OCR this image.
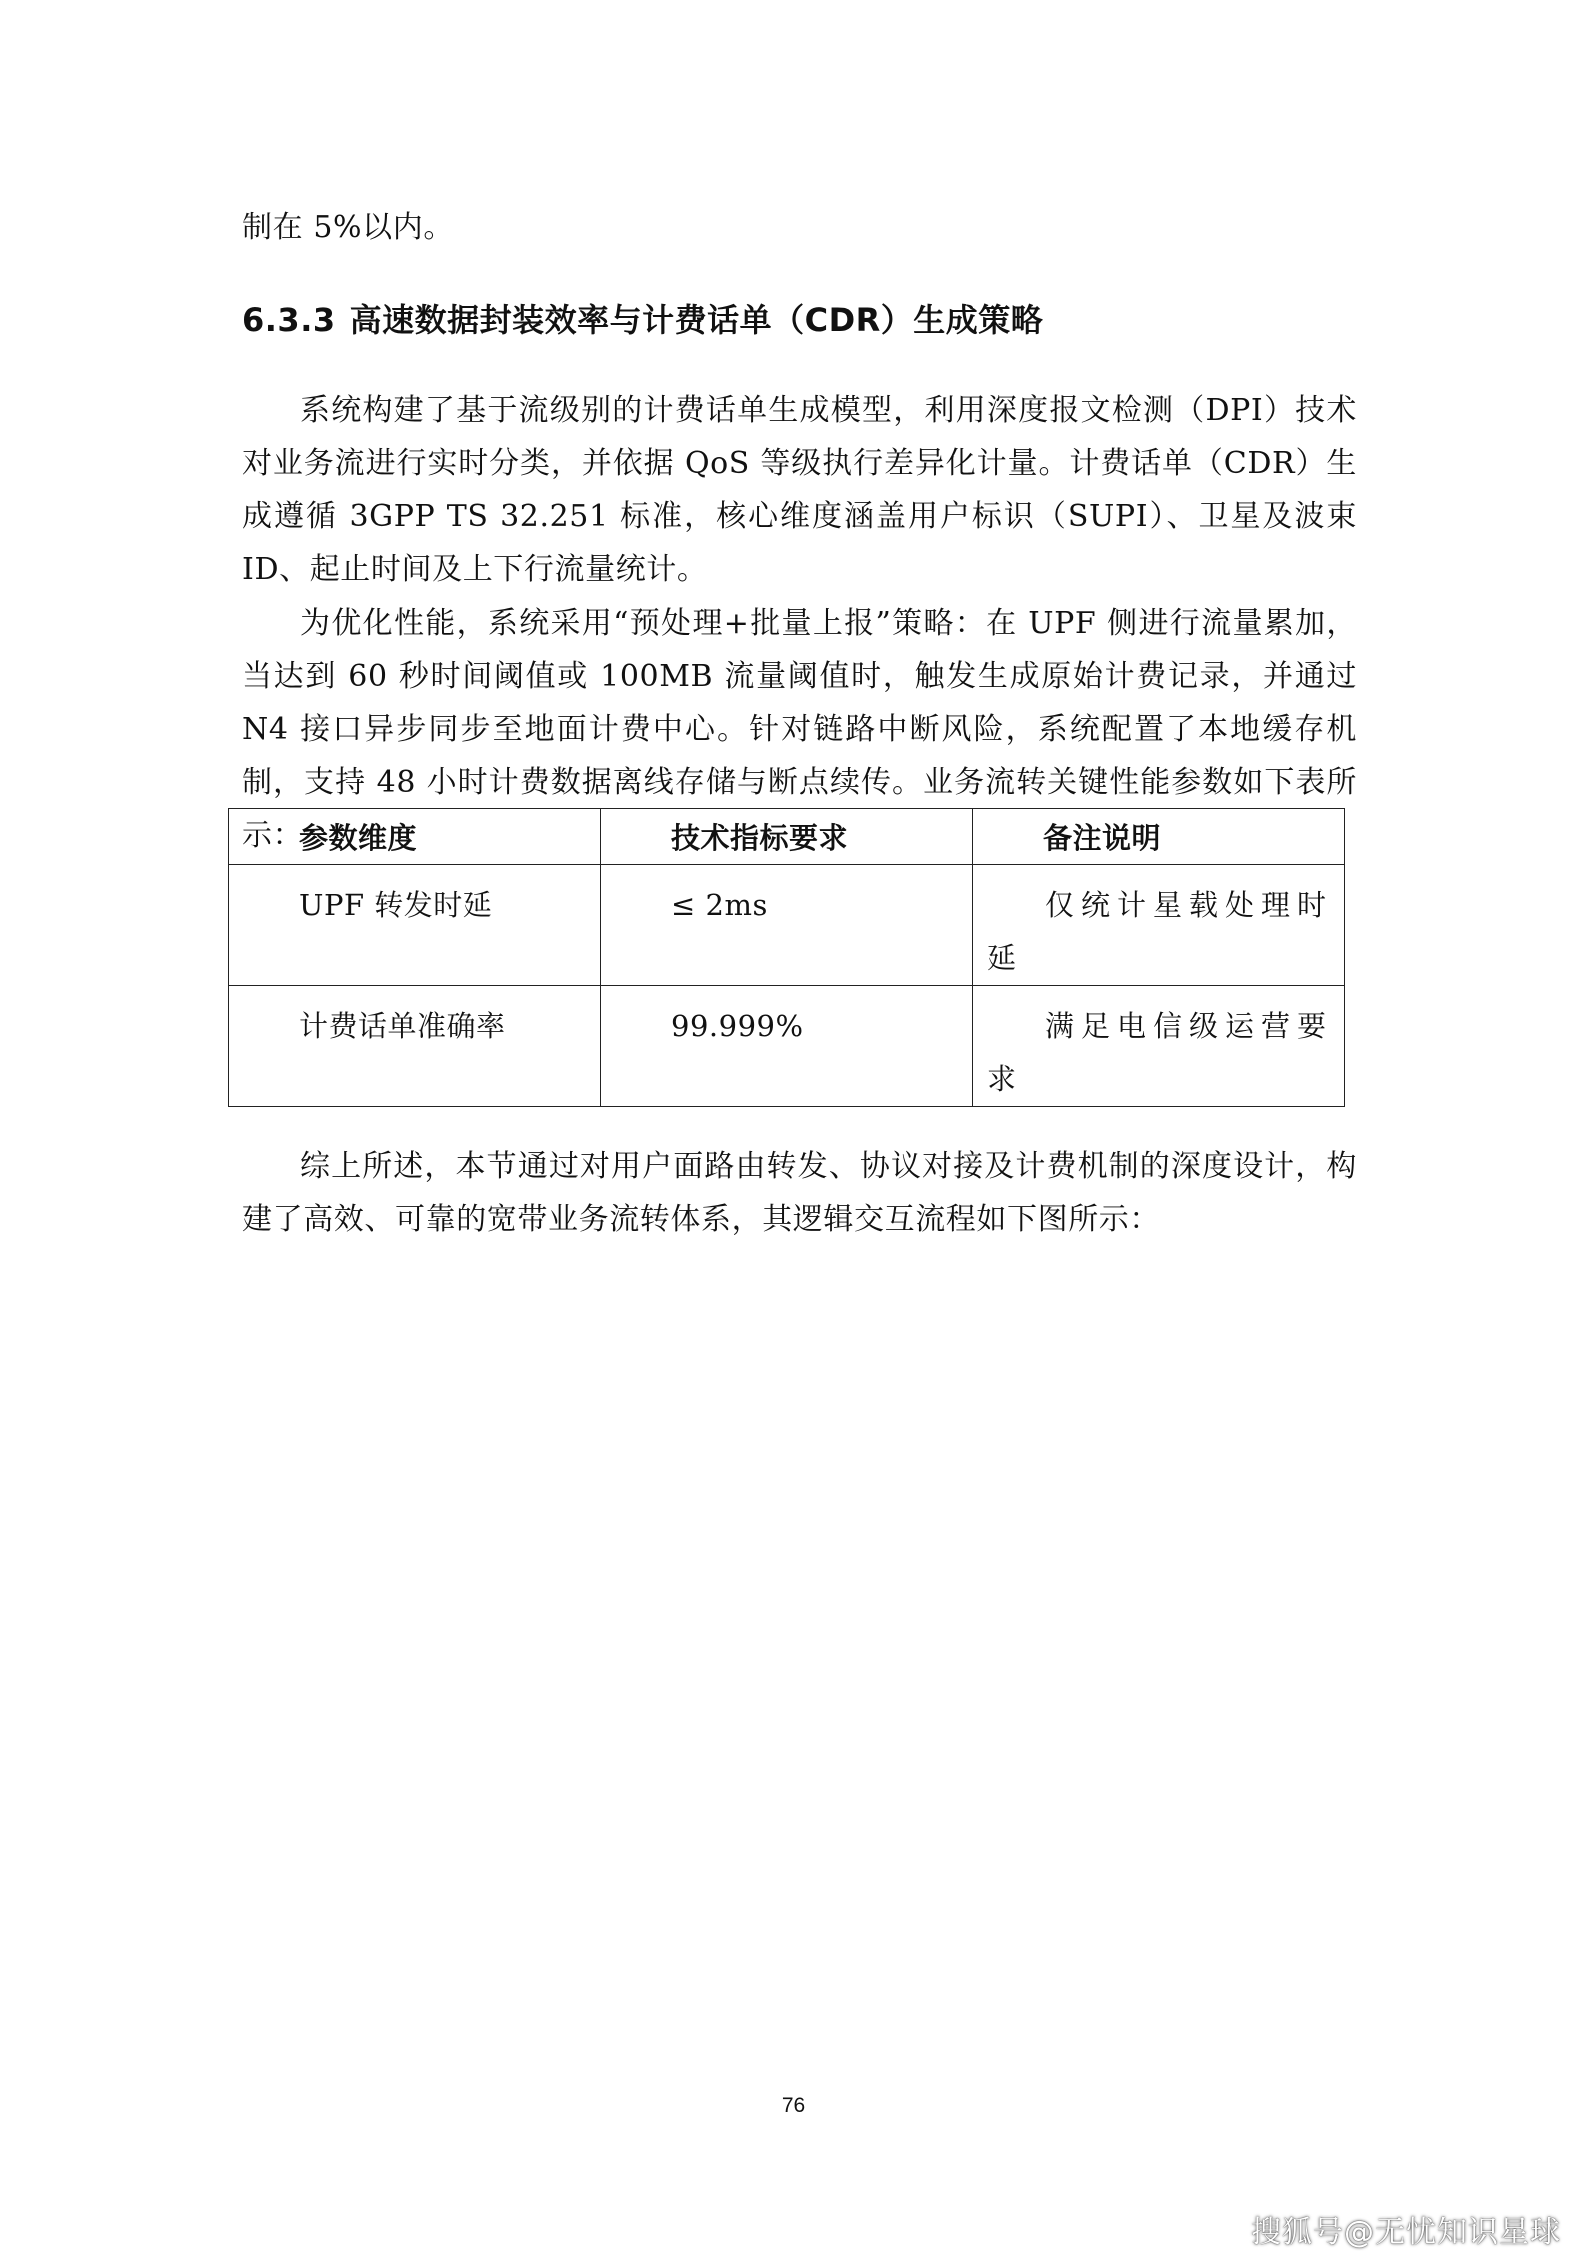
制在 5%以内。

6.3.3 高速数据封装效率与计费话单（CDR）生成策略

系统构建了基于流级别的计费话单生成模型，利用深度报文检测（DPI）技术对业务流进行实时分类，并依据 QoS 等级执行差异化计量。计费话单（CDR）生成遵循 3GPP TS 32.251 标准，核心维度涵盖用户标识（SUPI）、卫星及波束 ID、起止时间及上下行流量统计。

为优化性能，系统采用“预处理+批量上报”策略：在 UPF 侧进行流量累加，当达到 60 秒时间阈值或 100MB 流量阈值时，触发生成原始计费记录，并通过 N4 接口异步同步至地面计费中心。针对链路中断风险，系统配置了本地缓存机制，支持 48 小时计费数据离线存储与断点续传。业务流转关键性能参数如下表所示：

参数维度	技术指标要求	备注说明

UPF 转发时延	≤ 2ms	仅统计星载处理时延

计费话单准确率	99.999%	满足电信级运营要求

综上所述，本节通过对用户面路由转发、协议对接及计费机制的深度设计，构建了高效、可靠的宽带业务流转体系，其逻辑交互流程如下图所示：

76
搜狐号@无忧知识星球
